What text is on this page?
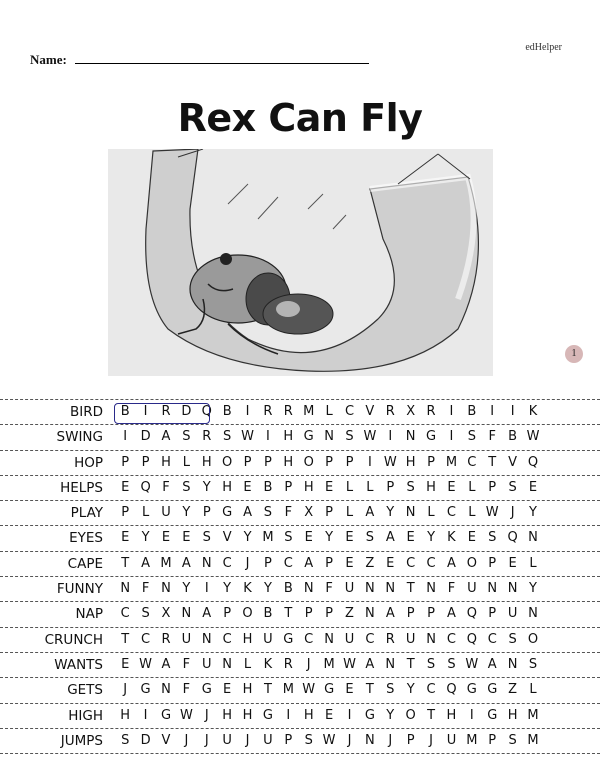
edHelper
Name:
Rex Can Fly
1
BIRD	B	I	R D Q B	I	R R M L C V R X R	I	B	I	I	K
SWING	I	D A S R S W I	H G N S W I	N G	I	S F B W
HOP	P P H L H O P P H O P P	I W H P M C T V Q
HELPS	E Q F S Y H E B P H E L	L P S H E L P S E
PLAY	P L U Y P G A S F X P L A Y N L C L W J	Y
EYES	E Y E E S V Y M S E Y E S A E Y K E S Q N
CAPE	T A M A N C	J	P C A P E Z E C C A O P E L
FUNNY	N F N Y	I	Y K Y B N F U N N T N F U N N Y
NAP	C S X N A P O B T P P Z N A P P A Q P U N
CRUNCH	T C R U N C H U G C N U C R U N C Q C S O
WANTS	E W A F U N L K R	J M W A N T S S W A N S
GETS	J	G N F G E H T M W G E T S Y C Q G G Z L
HIGH	H	I	G W J	H H G	I	H E	I	G Y O T H	I	G H M
JUMPS	S D V	J	J	U	J	U P S W J	N	J	P	J	U M P S M
